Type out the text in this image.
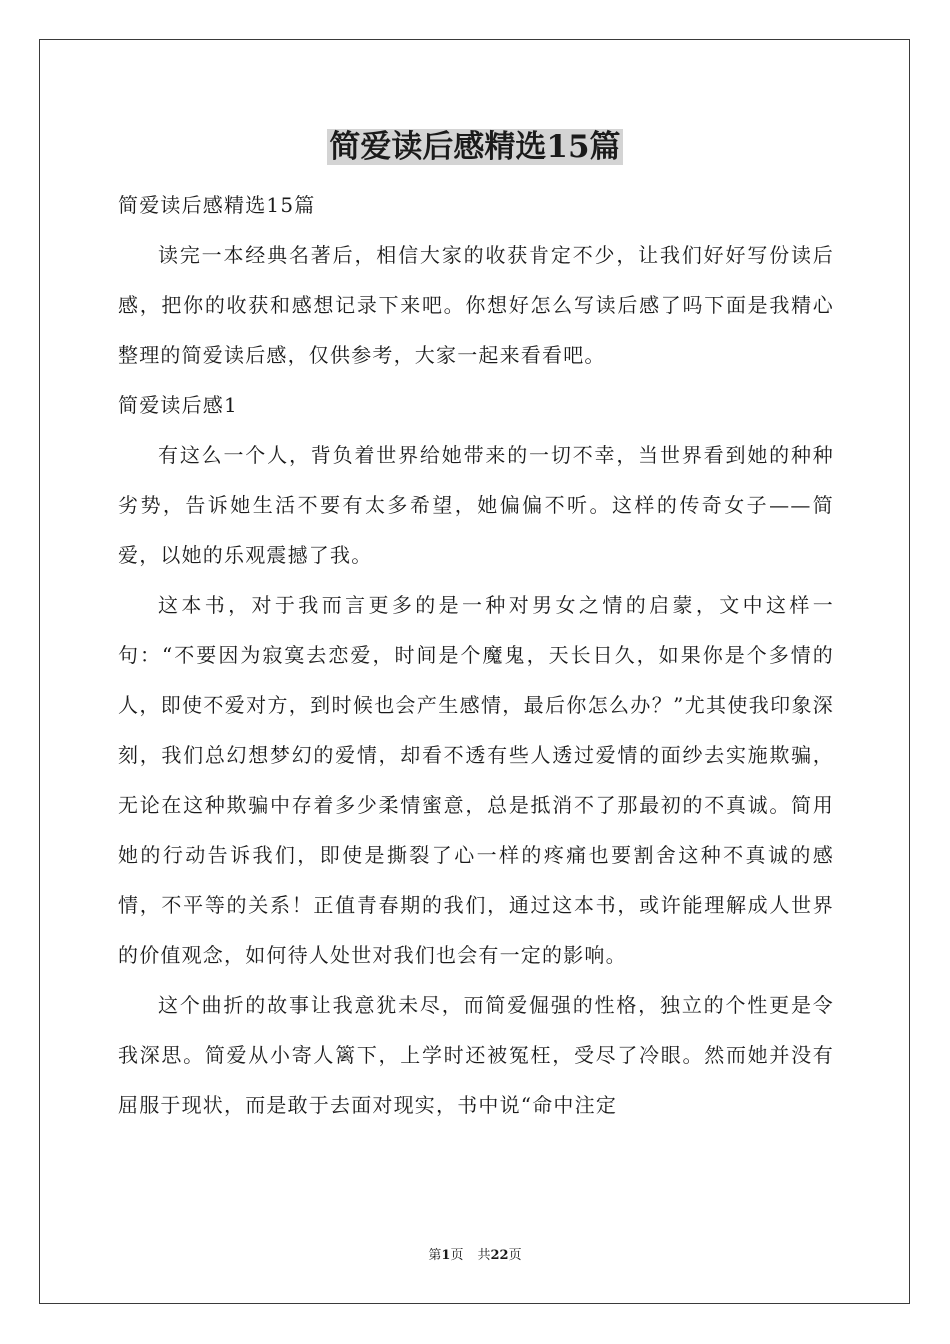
简爱读后感精选15篇

简爱读后感精选15篇

读完一本经典名著后，相信大家的收获肯定不少，让我们好好写份读后感，把你的收获和感想记录下来吧。你想好怎么写读后感了吗下面是我精心整理的简爱读后感，仅供参考，大家一起来看看吧。

简爱读后感1

有这么一个人，背负着世界给她带来的一切不幸，当世界看到她的种种劣势，告诉她生活不要有太多希望，她偏偏不听。这样的传奇女子——简爱，以她的乐观震撼了我。

这本书，对于我而言更多的是一种对男女之情的启蒙，文中这样一句：“不要因为寂寞去恋爱，时间是个魔鬼，天长日久，如果你是个多情的人，即使不爱对方，到时候也会产生感情，最后你怎么办？”尤其使我印象深刻，我们总幻想梦幻的爱情，却看不透有些人透过爱情的面纱去实施欺骗，无论在这种欺骗中存着多少柔情蜜意，总是抵消不了那最初的不真诚。简用她的行动告诉我们，即使是撕裂了心一样的疼痛也要割舍这种不真诚的感情，不平等的关系！正值青春期的我们，通过这本书，或许能理解成人世界的价值观念，如何待人处世对我们也会有一定的影响。

这个曲折的故事让我意犹未尽，而简爱倔强的性格，独立的个性更是令我深思。简爱从小寄人篱下，上学时还被冤枉，受尽了冷眼。然而她并没有屈服于现状，而是敢于去面对现实，书中说“命中注定

第1页 共22页
